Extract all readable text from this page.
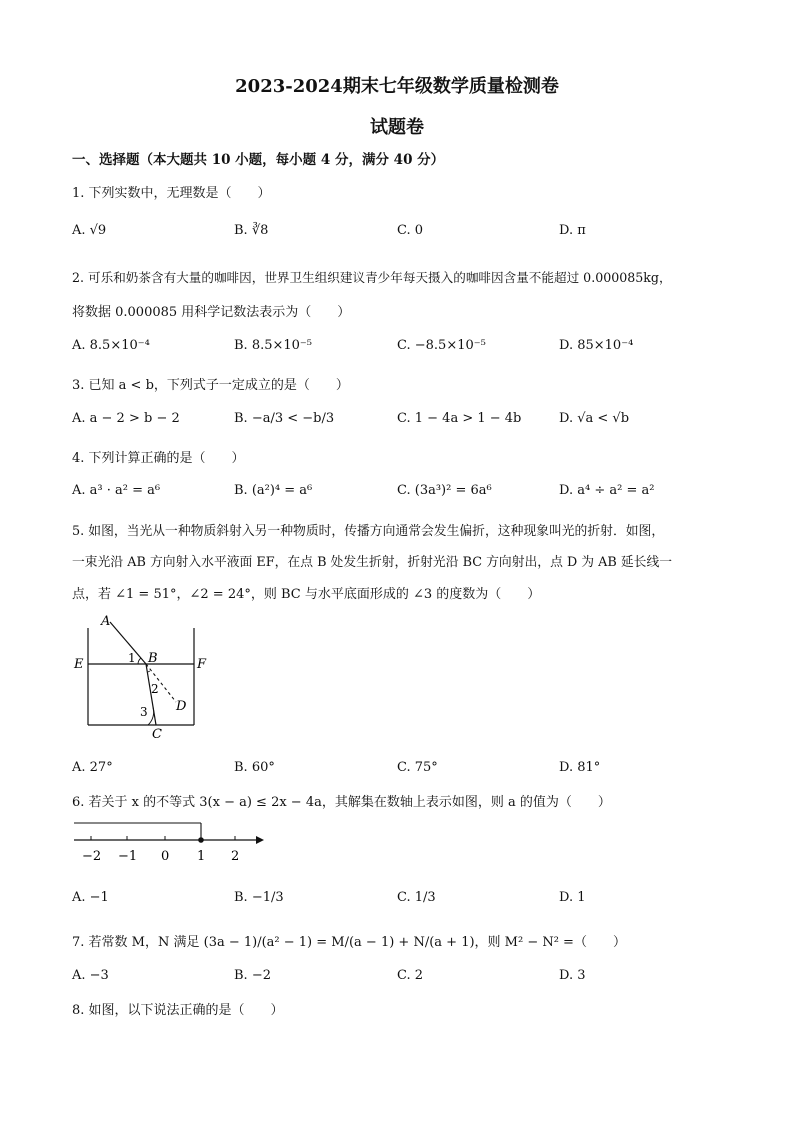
2023-2024期末七年级数学质量检测卷
试题卷
一、选择题（本大题共 10 小题，每小题 4 分，满分 40 分）
1. 下列实数中，无理数是（　　）
A. √9	B. ∛8	C. 0	D. π
2. 可乐和奶茶含有大量的咖啡因，世界卫生组织建议青少年每天摄入的咖啡因含量不能超过 0.000085kg，
将数据 0.000085 用科学记数法表示为（　　）
A. 8.5×10⁻⁴	B. 8.5×10⁻⁵	C. −8.5×10⁻⁵	D. 85×10⁻⁴
3. 已知 a < b，下列式子一定成立的是（　　）
A. a − 2 > b − 2	B. −a/3 < −b/3	C. 1 − 4a > 1 − 4b	D. √a < √b
4. 下列计算正确的是（　　）
A. a³ · a² = a⁶	B. (a²)⁴ = a⁶	C. (3a³)² = 6a⁶	D. a⁴ ÷ a² = a²
5. 如图，当光从一种物质斜射入另一种物质时，传播方向通常会发生偏折，这种现象叫光的折射．如图，
一束光沿 AB 方向射入水平液面 EF，在点 B 处发生折射，折射光沿 BC 方向射出，点 D 为 AB 延长线一
点，若 ∠1 = 51°，∠2 = 24°，则 BC 与水平底面形成的 ∠3 的度数为（　　）
A
B
E	F
1
2
3
C
D
A. 27°	B. 60°	C. 75°	D. 81°
6. 若关于 x 的不等式 3(x − a) ≤ 2x − 4a，其解集在数轴上表示如图，则 a 的值为（　　）
−2 −1 0 1 2
A. −1	B. −1/3	C. 1/3	D. 1
7. 若常数 M，N 满足 (3a − 1)/(a² − 1) = M/(a − 1) + N/(a + 1)，则 M² − N² =（　　）
A. −3	B. −2	C. 2	D. 3
8. 如图，以下说法正确的是（　　）
